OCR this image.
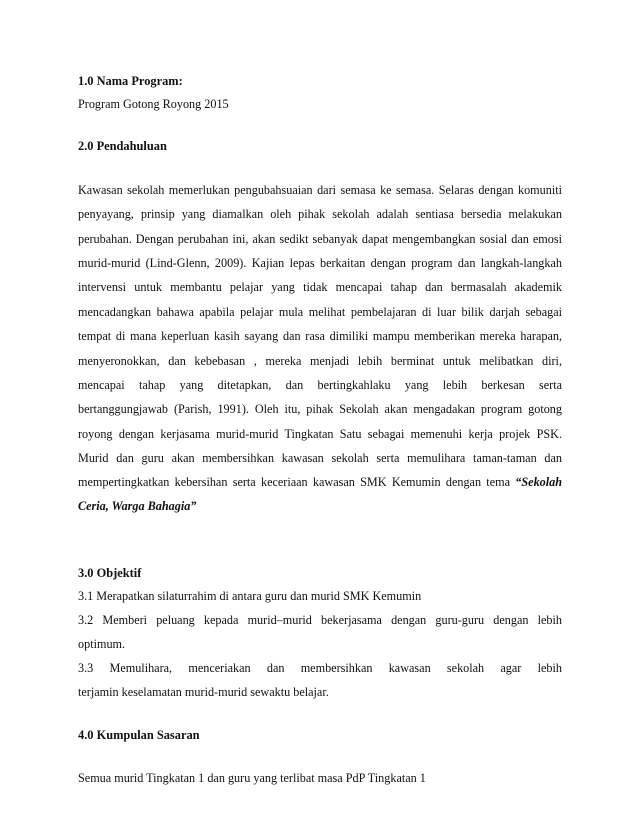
1.0 Nama Program:
Program Gotong Royong 2015
2.0 Pendahuluan
Kawasan sekolah memerlukan pengubahsuaian dari semasa ke semasa. Selaras dengan komuniti
penyayang, prinsip yang diamalkan oleh pihak sekolah adalah sentiasa bersedia melakukan
perubahan. Dengan perubahan ini, akan sedikt sebanyak dapat mengembangkan sosial dan emosi
murid-murid (Lind-Glenn, 2009). Kajian lepas berkaitan dengan program dan langkah-langkah
intervensi untuk membantu pelajar yang tidak mencapai tahap dan bermasalah akademik
mencadangkan bahawa apabila pelajar mula melihat pembelajaran di luar bilik darjah sebagai
tempat di mana keperluan kasih sayang dan rasa dimiliki mampu memberikan mereka harapan,
menyeronokkan, dan kebebasan , mereka menjadi lebih berminat untuk melibatkan diri,
mencapai tahap yang ditetapkan, dan bertingkahlaku yang lebih berkesan serta
bertanggungjawab (Parish, 1991). Oleh itu, pihak Sekolah akan mengadakan program gotong
royong dengan kerjasama murid-murid Tingkatan Satu sebagai memenuhi kerja projek PSK.
Murid dan guru akan membersihkan kawasan sekolah serta memulihara taman-taman dan
mempertingkatkan kebersihan serta keceriaan kawasan SMK Kemumin dengan tema “Sekolah
Ceria, Warga Bahagia”
3.0 Objektif
3.1 Merapatkan silaturrahim di antara guru dan murid SMK Kemumin
3.2 Memberi peluang kepada murid–murid bekerjasama dengan guru-guru dengan lebih
optimum.
3.3 Memulihara, menceriakan dan membersihkan kawasan sekolah agar lebih
terjamin keselamatan murid-murid sewaktu belajar.
4.0 Kumpulan Sasaran
Semua murid Tingkatan 1 dan guru yang terlibat masa PdP Tingkatan 1
